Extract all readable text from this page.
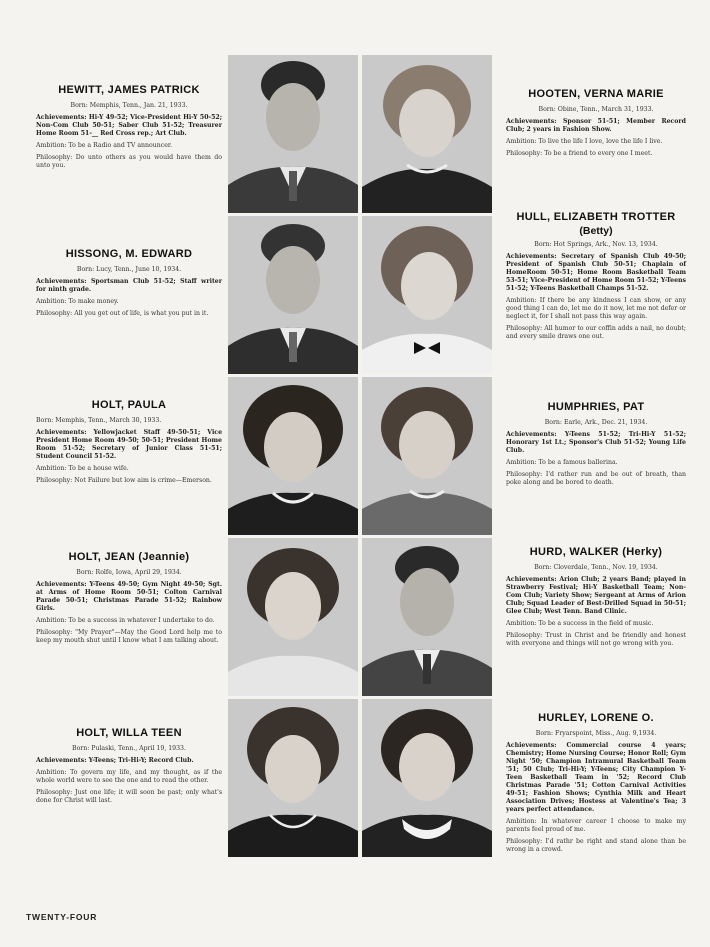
HEWITT, JAMES PATRICK

Born: Memphis, Tenn., Jan. 21, 1933.

Achievements: Hi-Y 49-52; Vice-President Hi-Y 50-52; Non-Com Club 50-51; Saber Club 51-52; Treasurer Home Room 51-__ Red Cross rep.; Art Club.

Ambition: To be a Radio and TV announcer.

Philosophy: Do unto others as you would have them do unto you.

HISSONG, M. EDWARD

Born: Lucy, Tenn., June 10, 1934.

Achievements: Sportsman Club 51-52; Staff writer for ninth grade.

Ambition: To make money.

Philosophy: All you get out of life, is what you put in it.

HOLT, PAULA

Born: Memphis, Tenn., March 30, 1933.

Achievements: Yellowjacket Staff 49-50-51; Vice President Home Room 49-50; 50-51; President Home Room 51-52; Secretary of Junior Class 51-51; Student Council 51-52.

Ambition: To be a house wife.

Philosophy: Not Failure but low aim is crime—Emerson.

HOLT, JEAN (Jeannie)

Born: Rolfe, Iowa, April 29, 1934.

Achievements: Y-Teens 49-50; Gym Night 49-50; Sgt. at Arms of Home Room 50-51; Colton Carnival Parade 50-51; Christmas Parade 51-52; Rainbow Girls.

Ambition: To be a success in whatever I undertake to do.

Philosophy: "My Prayer"—May the Good Lord help me to keep my mouth shut until I know what I am talking about.

HOLT, WILLA TEEN

Born: Pulaski, Tenn., April 19, 1933.

Achievements: Y-Teens; Tri-Hi-Y; Record Club.

Ambition: To govern my life, and my thought, as if the whole world were to see the one and to read the other.

Philosophy: Just one life; it will soon be past; only what's done for Christ will last.

HOOTEN, VERNA MARIE

Born: Obine, Tenn., March 31, 1933.

Achievements: Sponsor 51-51; Member Record Club; 2 years in Fashion Show.

Ambition: To live the life I love, love the life I live.

Philosophy: To be a friend to every one I meet.

HULL, ELIZABETH TROTTER
(Betty)

Born: Hot Springs, Ark., Nov. 13, 1934.

Achievements: Secretary of Spanish Club 49-50; President of Spanish Club 50-51; Chaplain of HomeRoom 50-51; Home Room Basketball Team 53-51; Vice-President of Home Room 51-52; Y-Teens 51-52; Y-Teens Basketball Champs 51-52.

Ambition: If there be any kindness I can show, or any good thing I can do, let me do it now, let me not defer or neglect it, for I shall not pass this way again.

Philosophy: All humor to our coffin adds a nail, no doubt; and every smile draws one out.

HUMPHRIES, PAT

Born: Earle, Ark., Dec. 21, 1934.

Achievements: Y-Teens 51-52; Tri-Hi-Y 51-52; Honorary 1st Lt.; Sponsor's Club 51-52; Young Life Club.

Ambition: To be a famous ballerina.

Philosophy: I'd rather run and be out of breath, than poke along and be bored to death.

HURD, WALKER (Herky)

Born: Cloverdale, Tenn., Nov. 19, 1934.

Achievements: Arion Club; 2 years Band; played in Strawberry Festival; Hi-Y Basketball Team; Non-Com Club; Variety Show; Sergeant at Arms of Arion Club; Squad Leader of Best-Drilled Squad in 50-51; Glee Club; West Tenn. Band Clinic.

Ambition: To be a success in the field of music.

Philosophy: Trust in Christ and be friendly and honest with everyone and things will not go wrong with you.

HURLEY, LORENE O.

Born: Fryarspoint, Miss., Aug. 9,1934.

Achievements: Commercial course 4 years; Chemistry; Home Nursing Course; Honor Roll; Gym Night '50; Champion Intramural Basketball Team '51; 50 Club; Tri-Hi-Y; Y-Teens; City Champion Y-Teen Basketball Team in '52; Record Club Christmas Parade '51; Cotton Carnival Activities 49-51; Fashion Shows; Cynthia Milk and Heart Association Drives; Hostess at Valentine's Tea; 3 years perfect attendance.

Ambition: In whatever career I choose to make my parents feel proud of me.

Philosophy: I'd rathr be right and stand alone than be wrong in a crowd.

TWENTY-FOUR
